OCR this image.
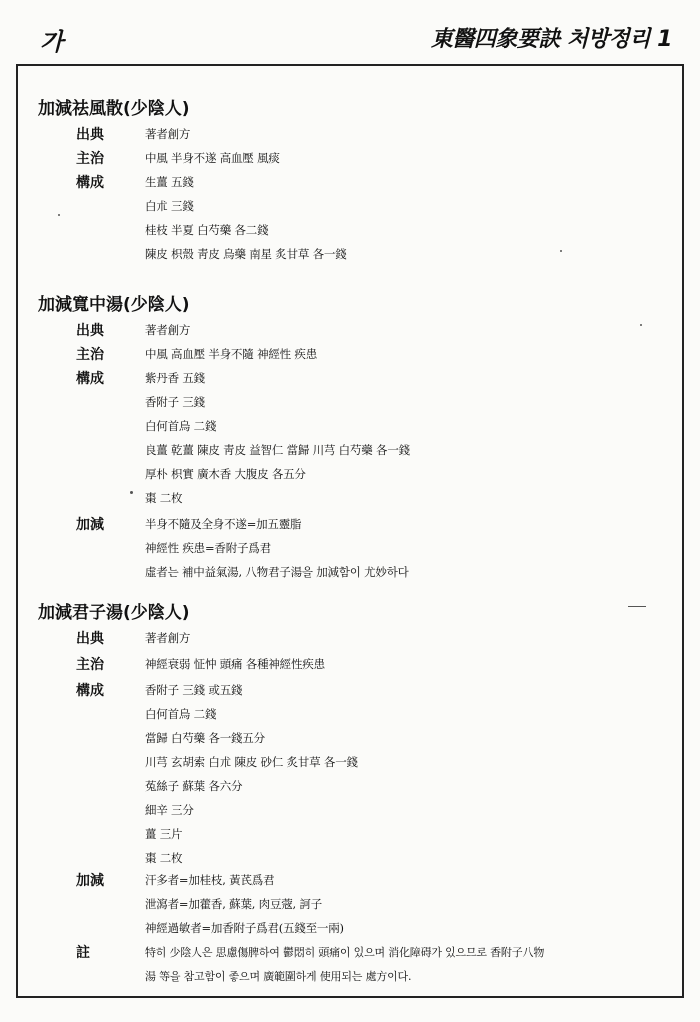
가	東醫四象要訣 처방정리 1
加減祛風散(少陰人)
出典	著者創方
主治	中風 半身不遂 高血壓 風痰
構成	生薑 五錢
白朮 三錢
桂枝 半夏 白芍藥 各二錢
陳皮 枳殼 靑皮 烏藥 南星 炙甘草 各一錢
加減寬中湯(少陰人)
出典	著者創方
主治	中風 高血壓 半身不隨 神經性 疾患
構成	紫丹香 五錢
香附子 三錢
白何首烏 二錢
良薑 乾薑 陳皮 靑皮 益智仁 當歸 川芎 白芍藥 各一錢
厚朴 枳實 廣木香 大腹皮 各五分
棗 二枚
加減	半身不隨及全身不遂=加五靈脂
神經性 疾患=香附子爲君
虛者는 補中益氣湯, 八物君子湯을 加減함이 尤妙하다
加減君子湯(少陰人)
出典	著者創方
主治	神經衰弱 怔忡 頭痛 各種神經性疾患
構成	香附子 三錢 或五錢
白何首烏 二錢
當歸 白芍藥 各一錢五分
川芎 玄胡索 白朮 陳皮 砂仁 炙甘草 各一錢
菟絲子 蘇葉 各六分
細辛 三分
薑 三片
棗 二枚
加減	汗多者=加桂枝, 黃芪爲君
泄瀉者=加藿香, 蘇葉, 肉豆蔲, 訶子
神經過敏者=加香附子爲君(五錢至一兩)
註	特히 少陰人은 思慮傷脾하여 鬱悶히 頭痛이 있으며 消化障碍가 있으므로 香附子八物
湯 等을 참고함이 좋으며 廣範圍하게 使用되는 處方이다.
